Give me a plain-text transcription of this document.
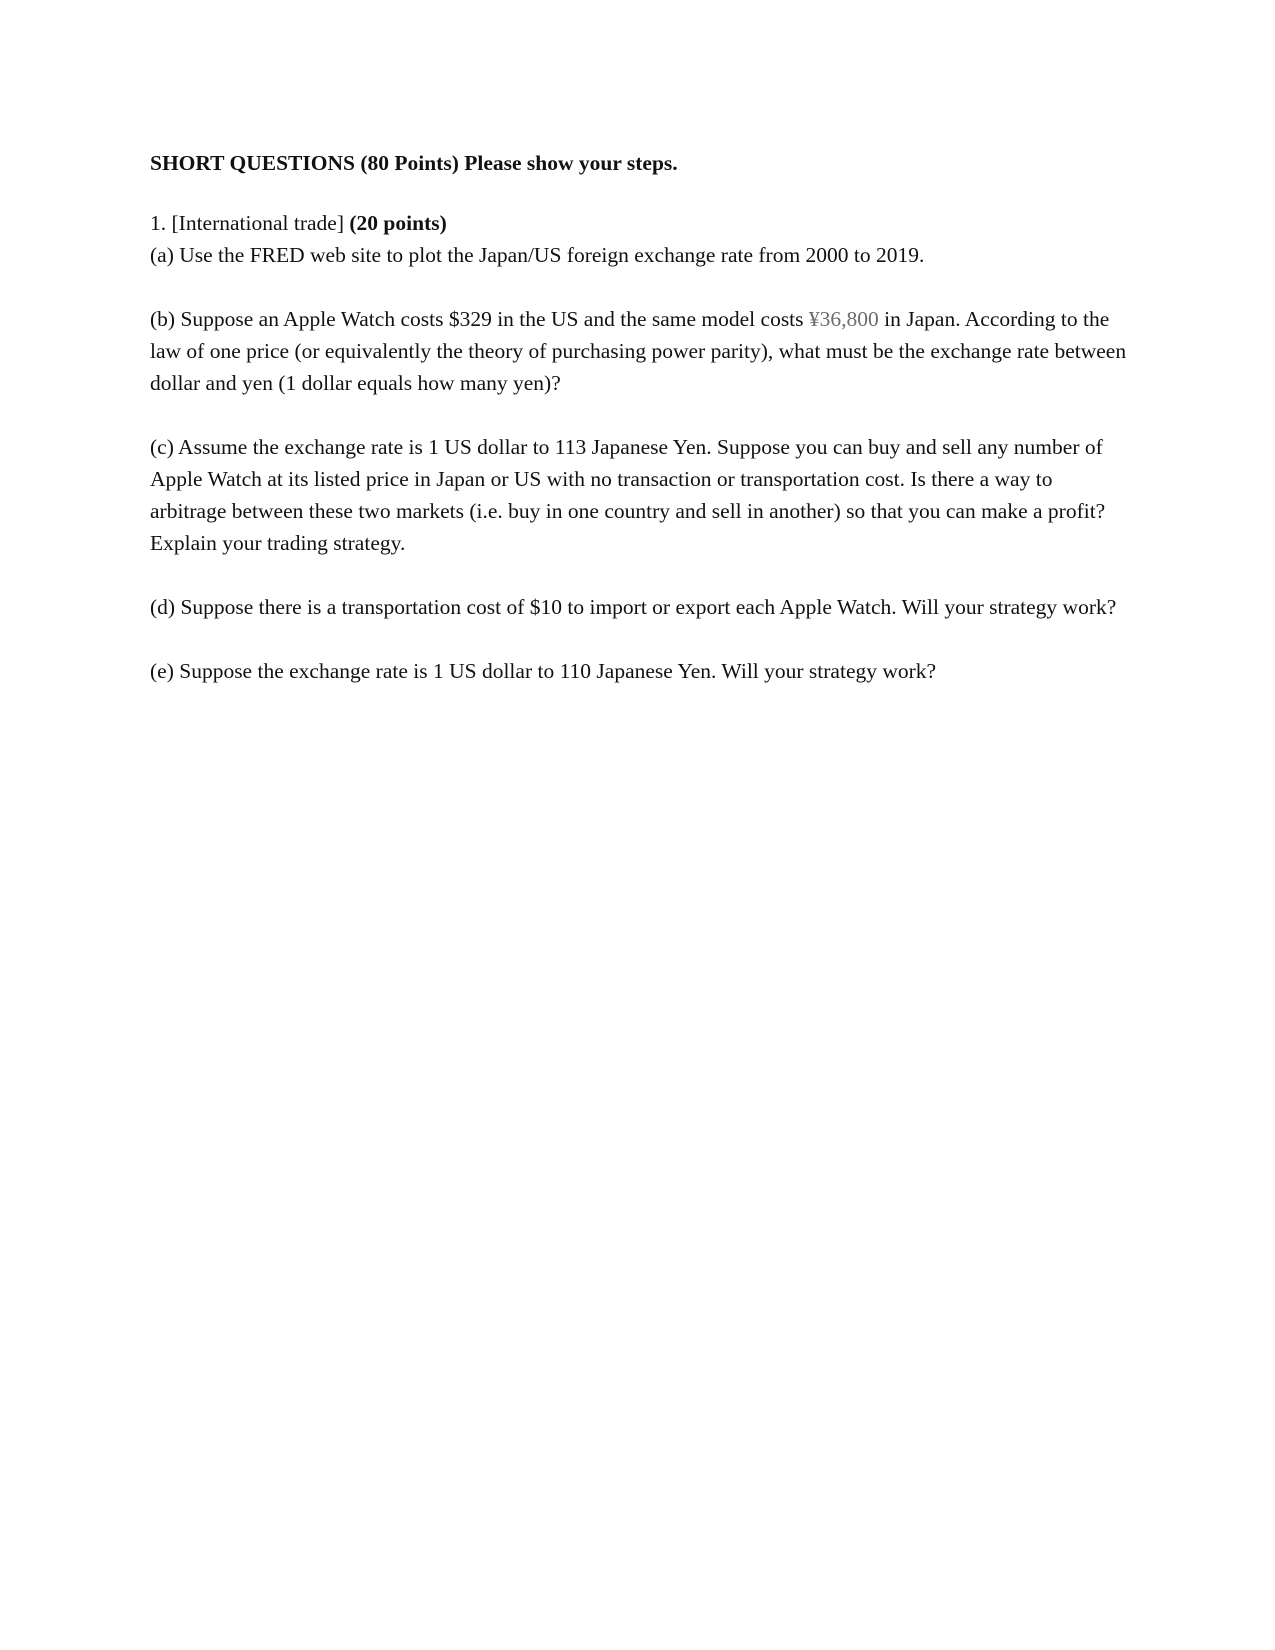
SHORT QUESTIONS (80 Points) Please show your steps.

1. [International trade] (20 points)

(a) Use the FRED web site to plot the Japan/US foreign exchange rate from 2000 to 2019.

(b) Suppose an Apple Watch costs $329 in the US and the same model costs ¥36,800 in Japan. According to the law of one price (or equivalently the theory of purchasing power parity), what must be the exchange rate between dollar and yen (1 dollar equals how many yen)?

(c) Assume the exchange rate is 1 US dollar to 113 Japanese Yen. Suppose you can buy and sell any number of Apple Watch at its listed price in Japan or US with no transaction or transportation cost. Is there a way to arbitrage between these two markets (i.e. buy in one country and sell in another) so that you can make a profit? Explain your trading strategy.

(d) Suppose there is a transportation cost of $10 to import or export each Apple Watch. Will your strategy work?

(e) Suppose the exchange rate is 1 US dollar to 110 Japanese Yen. Will your strategy work?
